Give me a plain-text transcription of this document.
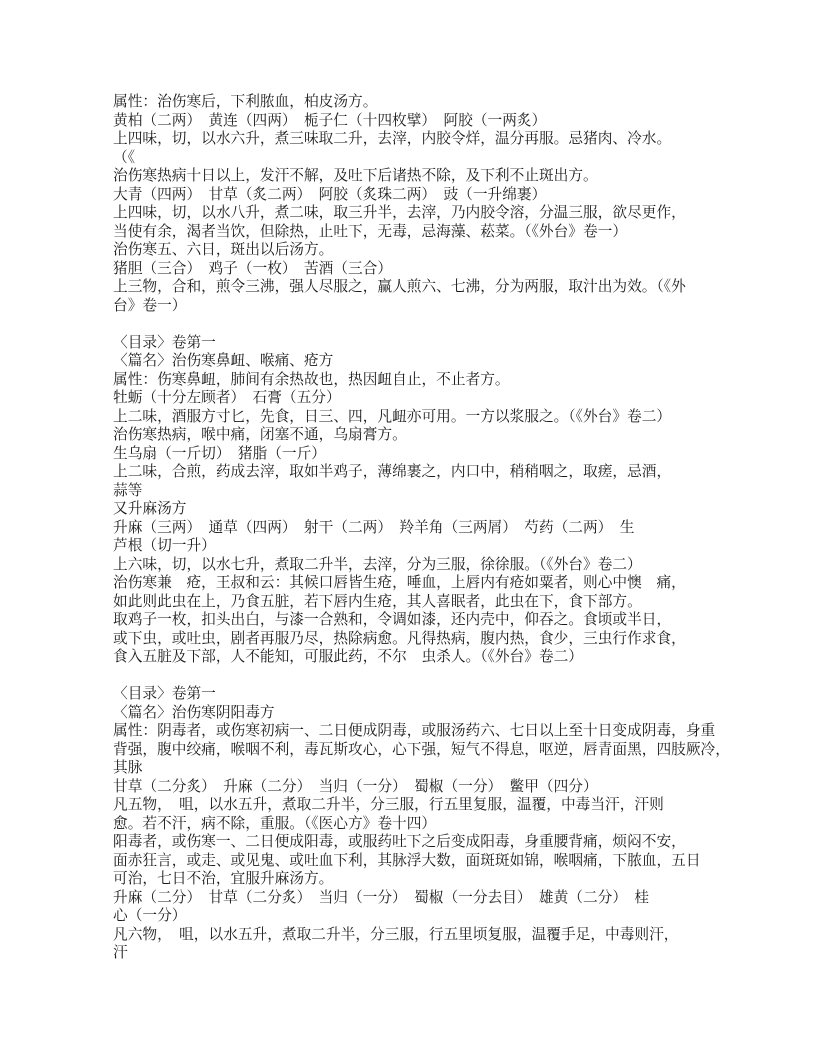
属性：治伤寒后，下利脓血，柏皮汤方。
黄柏（二两）　黄连（四两）　栀子仁（十四枚擘）　阿胶（一两炙）
上四味，切，以水六升，煮三味取二升，去滓，内胶令烊，温分再服。忌猪肉、冷水。
（《
治伤寒热病十日以上，发汗不解，及吐下后诸热不除，及下利不止斑出方。
大青（四两）　甘草（炙二两）　阿胶（炙珠二两）　豉（一升绵裹）
上四味，切，以水八升，煮二味，取三升半，去滓，乃内胶令溶，分温三服，欲尽更作，
当使有余，渴者当饮，但除热，止吐下，无毒，忌海藻、菘菜。（《外台》卷一）
治伤寒五、六日，斑出以后汤方。
猪胆（三合）　鸡子（一枚）　苦酒（三合）
上三物，合和，煎令三沸，强人尽服之，赢人煎六、七沸，分为两服，取汁出为效。（《外
台》卷一）
〈目录〉卷第一
〈篇名〉治伤寒鼻衄、喉痛、疮方
属性：伤寒鼻衄，肺间有余热故也，热因衄自止，不止者方。
牡蛎（十分左顾者）　石膏（五分）
上二味，酒服方寸匕，先食，日三、四，凡衄亦可用。一方以浆服之。（《外台》卷二）
治伤寒热病，喉中痛，闭塞不通，乌扇膏方。
生乌扇（一斤切）　猪脂（一斤）
上二味，合煎，药成去滓，取如半鸡子，薄绵裹之，内口中，稍稍咽之，取瘥，忌酒，
蒜等
又升麻汤方
升麻（三两）　通草（四两）　射干（二两）　羚羊角（三两屑）　芍药（二两）　生
芦根（切一升）
上六味，切，以水七升，煮取二升半，去滓，分为三服，徐徐服。（《外台》卷二）
治伤寒兼　疮，王叔和云：其候口唇皆生疮，唾血，上唇内有疮如粟者，则心中懊　痛，
如此则此虫在上，乃食五脏，若下唇内生疮，其人喜眠者，此虫在下，食下部方。
取鸡子一枚，扣头出白，与漆一合熟和，令调如漆，还内壳中，仰吞之。食顷或半日，
或下虫，或吐虫，剧者再服乃尽，热除病愈。凡得热病，腹内热，食少，三虫行作求食，
食入五脏及下部，人不能知，可服此药，不尔　虫杀人。（《外台》卷二）
〈目录〉卷第一
〈篇名〉治伤寒阴阳毒方
属性：阴毒者，或伤寒初病一、二日便成阴毒，或服汤药六、七日以上至十日变成阴毒，身重
背强，腹中绞痛，喉咽不利，毒瓦斯攻心，心下强，短气不得息，呕逆，唇青面黑，四肢厥冷，
其脉
甘草（二分炙）　升麻（二分）　当归（一分）　蜀椒（一分）　鳖甲（四分）
凡五物，　咀，以水五升，煮取二升半，分三服，行五里复服，温覆，中毒当汗，汗则
愈。若不汗，病不除，重服。（《医心方》卷十四）
阳毒者，或伤寒一、二日便成阳毒，或服药吐下之后变成阳毒，身重腰背痛，烦闷不安，
面赤狂言，或走、或见鬼、或吐血下利，其脉浮大数，面斑斑如锦，喉咽痛，下脓血，五日
可治，七日不治，宜服升麻汤方。
升麻（二分）　甘草（二分炙）　当归（一分）　蜀椒（一分去目）　雄黄（二分）　桂
心（一分）
凡六物，　咀，以水五升，煮取二升半，分三服，行五里顷复服，温覆手足，中毒则汗，
汗
